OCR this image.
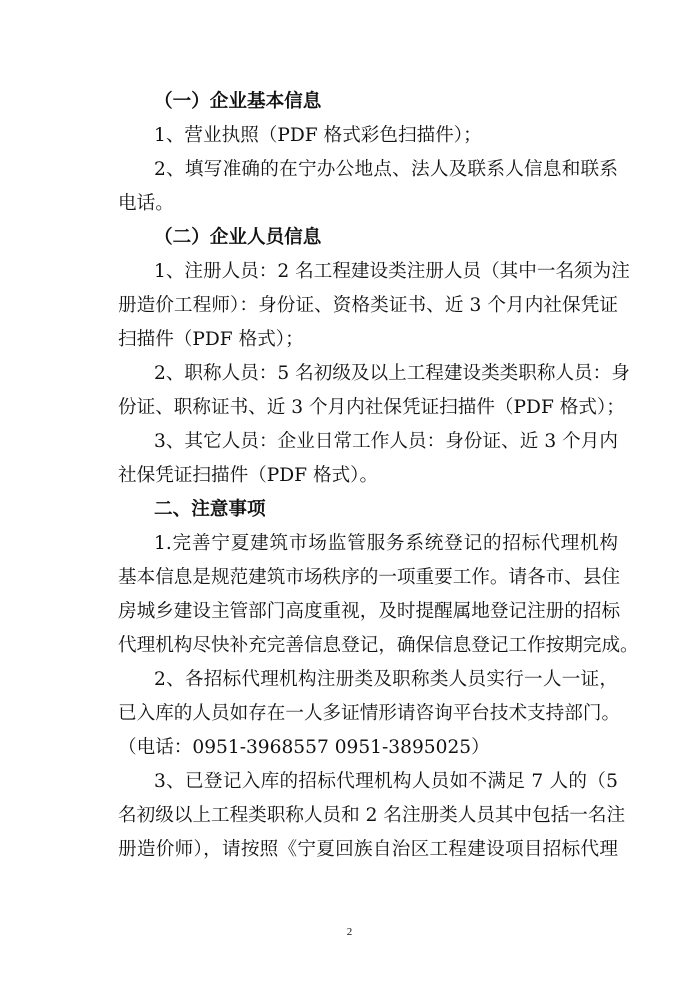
（一）企业基本信息
1、营业执照（PDF 格式彩色扫描件）；
2、填写准确的在宁办公地点、法人及联系人信息和联系
电话。
（二）企业人员信息
1、注册人员：2 名工程建设类注册人员（其中一名须为注
册造价工程师）：身份证、资格类证书、近 3 个月内社保凭证
扫描件（PDF 格式）；
2、职称人员：5 名初级及以上工程建设类类职称人员：身
份证、职称证书、近 3 个月内社保凭证扫描件（PDF 格式）；
3、其它人员：企业日常工作人员：身份证、近 3 个月内
社保凭证扫描件（PDF 格式）。
二、注意事项
1.完善宁夏建筑市场监管服务系统登记的招标代理机构
基本信息是规范建筑市场秩序的一项重要工作。请各市、县住
房城乡建设主管部门高度重视，及时提醒属地登记注册的招标
代理机构尽快补充完善信息登记，确保信息登记工作按期完成。
2、各招标代理机构注册类及职称类人员实行一人一证，
已入库的人员如存在一人多证情形请咨询平台技术支持部门。
（电话：0951-3968557 0951-3895025）
3、已登记入库的招标代理机构人员如不满足 7 人的（5
名初级以上工程类职称人员和 2 名注册类人员其中包括一名注
册造价师），请按照《宁夏回族自治区工程建设项目招标代理
2
